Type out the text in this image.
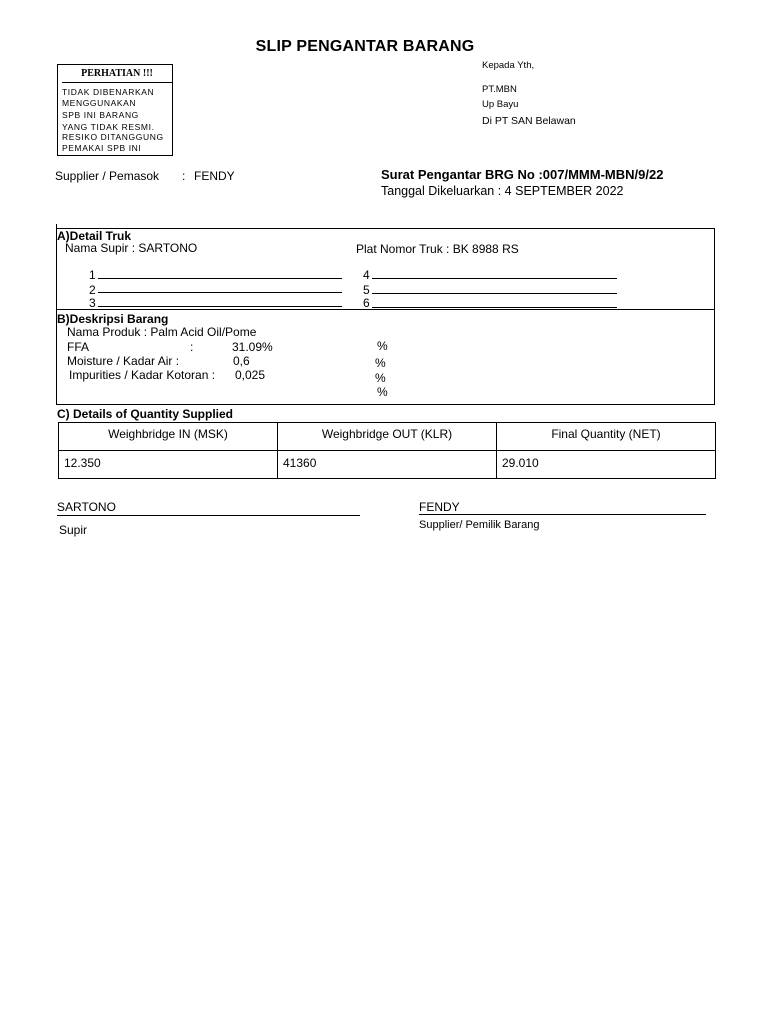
SLIP PENGANTAR BARANG
PERHATIAN !!!
TIDAK DIBENARKAN
MENGGUNAKAN
SPB INI BARANG
YANG TIDAK RESMI.
RESIKO DITANGGUNG
PEMAKAI SPB INI
Kepada Yth,
PT.MBN
Up Bayu
Di PT SAN Belawan
Supplier / Pemasok : FENDY	Surat Pengantar BRG No :007/MMM-MBN/9/22
Tanggal Dikeluarkan : 4 SEPTEMBER 2022
A)Detail Truk
Nama Supir : SARTONO	Plat Nomor Truk : BK 8988 RS
1
2
3
4
5
6
B)Deskripsi Barang
Nama Produk : Palm Acid Oil/Pome
FFA	:	31.09%
Moisture / Kadar Air :	0,6
Impurities / Kadar Kotoran : 0,025
%
%
%
%
C) Details of Quantity Supplied
Weighbridge IN (MSK)	Weighbridge OUT (KLR)	Final Quantity (NET)
12.350	41360	29.010
SARTONO
Supir
FENDY
Supplier/ Pemilik Barang
